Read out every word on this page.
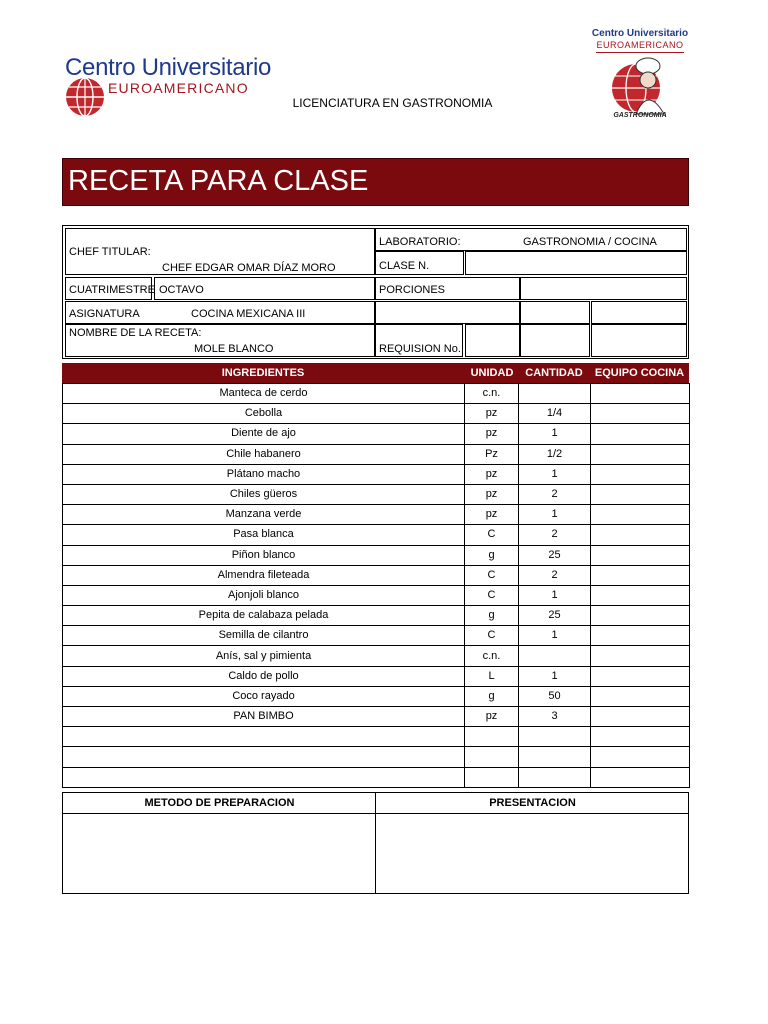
Centro Universitario
EUROAMERICANO
Centro Universitario
EUROAMERICANO
GASTRONOMIA
LICENCIATURA EN GASTRONOMIA
RECETA PARA CLASE
CHEF TITULAR:
CHEF EDGAR OMAR DÍAZ MORO
LABORATORIO:	GASTRONOMIA / COCINA
CLASE N.
CUATRIMESTRE OCTAVO	PORCIONES
ASIGNATURA	COCINA MEXICANA III
NOMBRE DE LA RECETA:
MOLE BLANCO	REQUISION No.
INGREDIENTES	UNIDAD	CANTIDAD	EQUIPO COCINA
Manteca de cerdo	c.n.		
Cebolla	pz	1/4	
Diente de ajo	pz	1	
Chile habanero	Pz	1/2	
Plátano macho	pz	1	
Chiles güeros	pz	2	
Manzana verde	pz	1	
Pasa blanca	C	2	
Piñon blanco	g	25	
Almendra fileteada	C	2	
Ajonjoli blanco	C	1	
Pepita de calabaza pelada	g	25	
Semilla de cilantro	C	1	
Anís, sal y pimienta	c.n.		
Caldo de pollo	L	1	
Coco rayado	g	50	
PAN BIMBO	pz	3	

METODO DE PREPARACION	PRESENTACION
